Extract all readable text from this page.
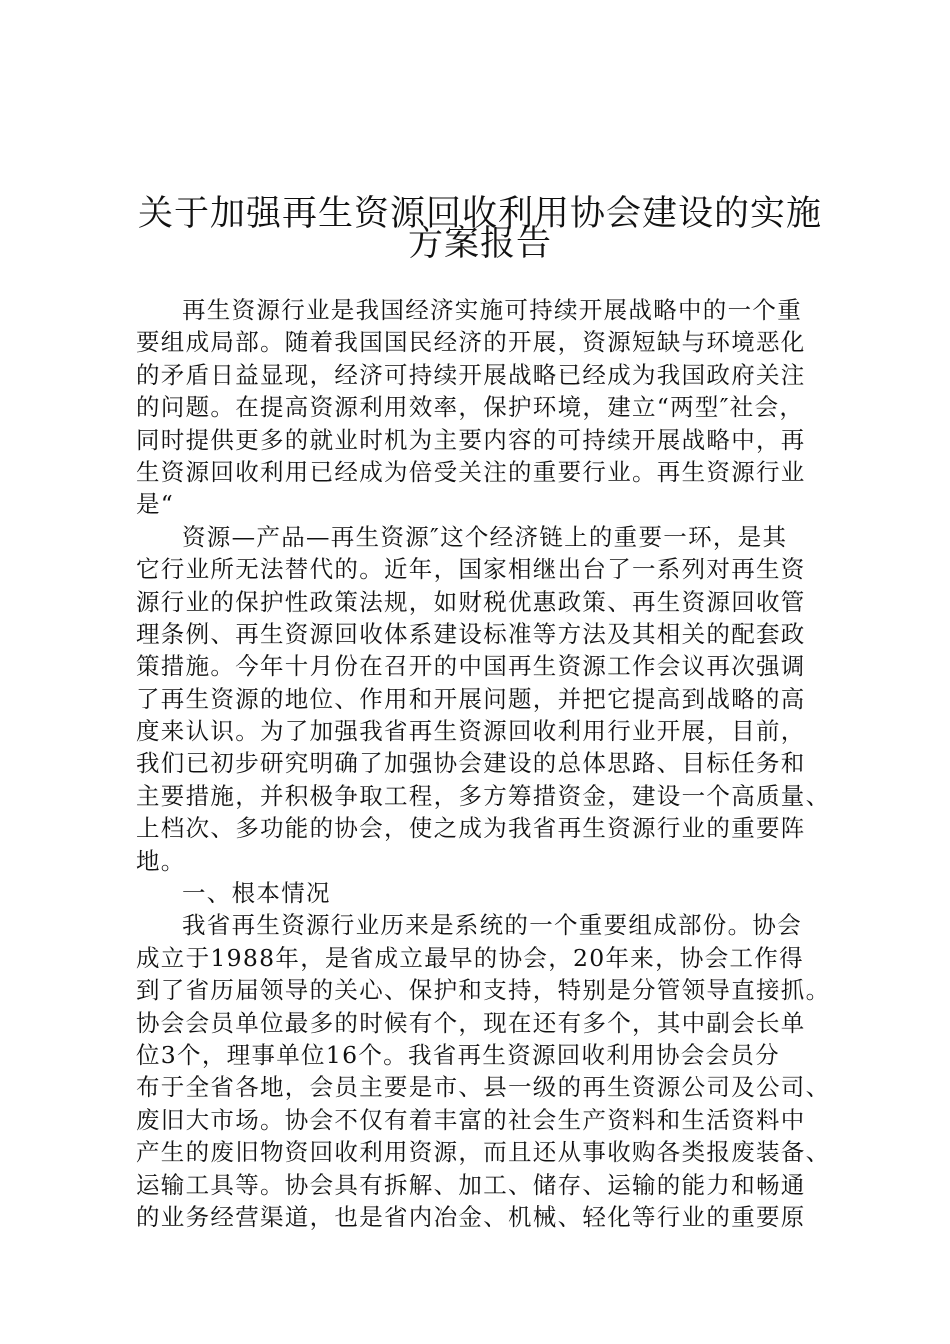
关于加强再生资源回收利用协会建设的实施
方案报告
再生资源行业是我国经济实施可持续开展战略中的一个重
要组成局部。随着我国国民经济的开展，资源短缺与环境恶化
的矛盾日益显现，经济可持续开展战略已经成为我国政府关注
的问题。在提高资源利用效率，保护环境，建立“两型″社会，
同时提供更多的就业时机为主要内容的可持续开展战略中，再
生资源回收利用已经成为倍受关注的重要行业。再生资源行业
是“
资源—产品—再生资源″这个经济链上的重要一环，是其
它行业所无法替代的。近年，国家相继出台了一系列对再生资
源行业的保护性政策法规，如财税优惠政策、再生资源回收管
理条例、再生资源回收体系建设标准等方法及其相关的配套政
策措施。今年十月份在召开的中国再生资源工作会议再次强调
了再生资源的地位、作用和开展问题，并把它提高到战略的高
度来认识。为了加强我省再生资源回收利用行业开展，目前，
我们已初步研究明确了加强协会建设的总体思路、目标任务和
主要措施，并积极争取工程，多方筹措资金，建设一个高质量、
上档次、多功能的协会，使之成为我省再生资源行业的重要阵
地。
一、根本情况
我省再生资源行业历来是系统的一个重要组成部份。协会
成立于1988年，是省成立最早的协会，20年来，协会工作得
到了省历届领导的关心、保护和支持，特别是分管领导直接抓。
协会会员单位最多的时候有个，现在还有多个，其中副会长单
位3个，理事单位16个。我省再生资源回收利用协会会员分
布于全省各地，会员主要是市、县一级的再生资源公司及公司、
废旧大市场。协会不仅有着丰富的社会生产资料和生活资料中
产生的废旧物资回收利用资源，而且还从事收购各类报废装备、
运输工具等。协会具有拆解、加工、储存、运输的能力和畅通
的业务经营渠道，也是省内冶金、机械、轻化等行业的重要原
